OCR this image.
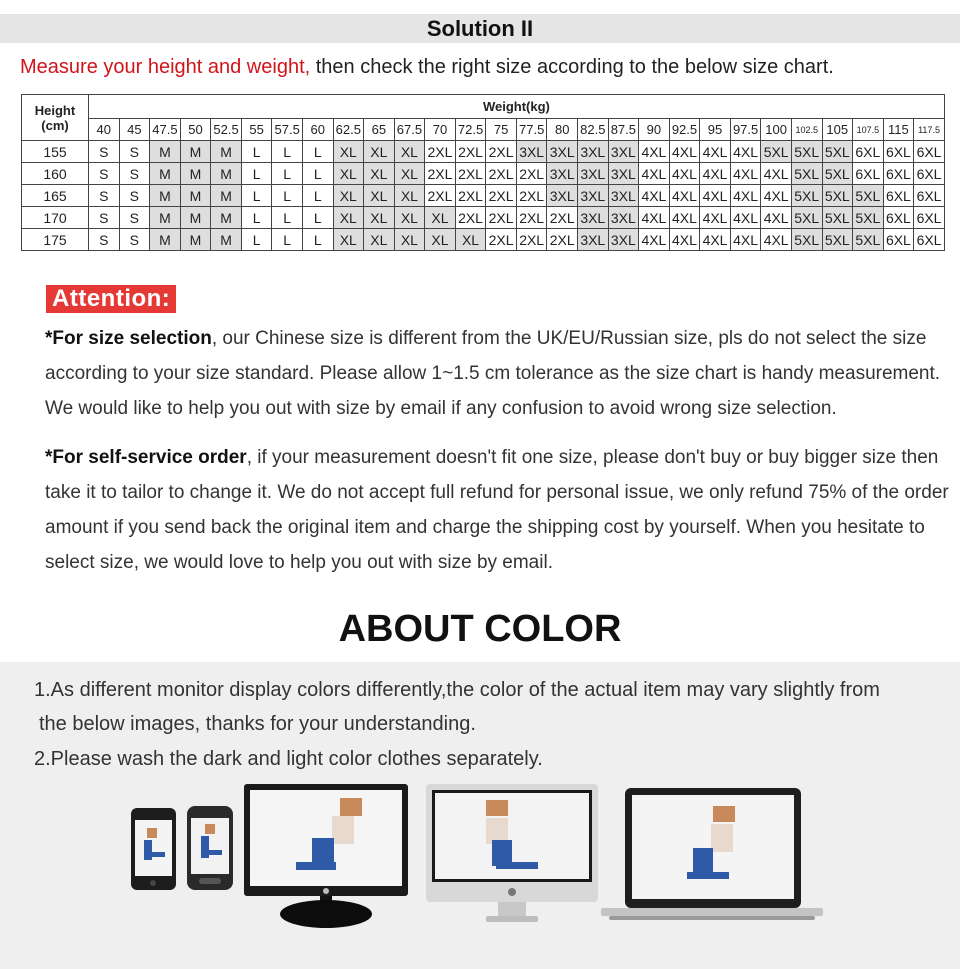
Solution II
Measure your height and weight, then check the right size according to the below size chart.
Height
(cm)	Weight(kg)																											
	40	45	47.5	50	52.5	55	57.5	60	62.5	65	67.5	70	72.5	75	77.5	80	82.5	87.5	90	92.5	95	97.5	100	102.5	105	107.5	115	117.5
155	S	S	M	M	M	L	L	L	XL	XL	XL	2XL	2XL	2XL	3XL	3XL	3XL	3XL	4XL	4XL	4XL	4XL	5XL	5XL	5XL	6XL	6XL	6XL
160	S	S	M	M	M	L	L	L	XL	XL	XL	2XL	2XL	2XL	2XL	3XL	3XL	3XL	4XL	4XL	4XL	4XL	4XL	5XL	5XL	6XL	6XL	6XL
165	S	S	M	M	M	L	L	L	XL	XL	XL	2XL	2XL	2XL	2XL	3XL	3XL	3XL	4XL	4XL	4XL	4XL	4XL	5XL	5XL	5XL	6XL	6XL
170	S	S	M	M	M	L	L	L	XL	XL	XL	XL	2XL	2XL	2XL	2XL	3XL	3XL	4XL	4XL	4XL	4XL	4XL	5XL	5XL	5XL	6XL	6XL
175	S	S	M	M	M	L	L	L	XL	XL	XL	XL	XL	2XL	2XL	2XL	3XL	3XL	4XL	4XL	4XL	4XL	4XL	5XL	5XL	5XL	6XL	6XL
Attention:
*For size selection, our Chinese size is different from the UK/EU/Russian size, pls do not select the size according to your size standard. Please allow 1~1.5 cm tolerance as the size chart is handy measurement. We would like to help you out with size by email if any confusion to avoid wrong size selection.
*For self-service order, if your measurement doesn't fit one size, please don't buy or buy bigger size then take it to tailor to change it. We do not accept full refund for personal issue, we only refund 75% of the order amount if you send back the original item and charge the shipping cost by yourself. When you hesitate to select size, we would love to help you out with size by email.
ABOUT COLOR
1.As different monitor display colors differently,the color of the actual item may vary slightly from
the below images, thanks for your understanding.
2.Please wash the dark and light color clothes separately.
